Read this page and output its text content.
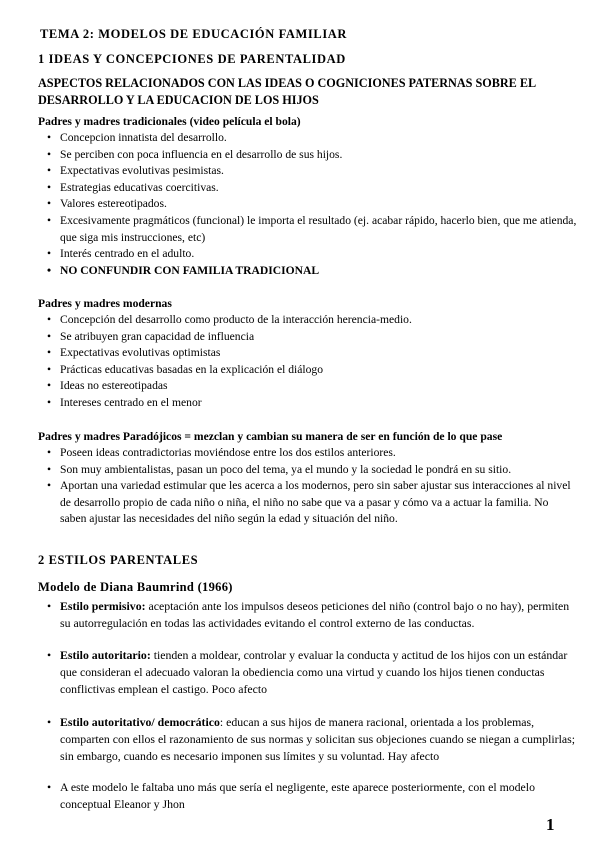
TEMA 2: MODELOS DE EDUCACIÓN FAMILIAR
1 IDEAS Y CONCEPCIONES DE PARENTALIDAD
ASPECTOS RELACIONADOS CON LAS IDEAS O COGNICIONES PATERNAS SOBRE EL
DESARROLLO Y LA EDUCACION DE LOS HIJOS
Padres y madres tradicionales (video película el bola)
• Concepcion innatista del desarrollo.
• Se perciben con poca influencia en el desarrollo de sus hijos.
• Expectativas evolutivas pesimistas.
• Estrategias educativas coercitivas.
• Valores estereotipados.
• Excesivamente pragmáticos (funcional) le importa el resultado (ej. acabar rápido, hacerlo bien, que me atienda, que siga mis instrucciones, etc)
• Interés centrado en el adulto.
• NO CONFUNDIR CON FAMILIA TRADICIONAL
Padres y madres modernas
• Concepción del desarrollo como producto de la interacción herencia-medio.
• Se atribuyen gran capacidad de influencia
• Expectativas evolutivas optimistas
• Prácticas educativas basadas en la explicación el diálogo
• Ideas no estereotipadas
• Intereses centrado en el menor
Padres y madres Paradójicos = mezclan y cambian su manera de ser en función de lo que pase
• Poseen ideas contradictorias moviéndose entre los dos estilos anteriores.
• Son muy ambientalistas, pasan un poco del tema, ya el mundo y la sociedad le pondrá en su sitio.
• Aportan una variedad estimular que les acerca a los modernos, pero sin saber ajustar sus interacciones al nivel de desarrollo propio de cada niño o niña, el niño no sabe que va a pasar y cómo va a actuar la familia. No saben ajustar las necesidades del niño según la edad y situación del niño.
2 ESTILOS PARENTALES
Modelo de Diana Baumrind (1966)
• Estilo permisivo: aceptación ante los impulsos deseos peticiones del niño (control bajo o no hay), permiten su autorregulación en todas las actividades evitando el control externo de las conductas.
• Estilo autoritario: tienden a moldear, controlar y evaluar la conducta y actitud de los hijos con un estándar que consideran el adecuado valoran la obediencia como una virtud y cuando los hijos tienen conductas conflictivas emplean el castigo. Poco afecto
• Estilo autoritativo/ democrático: educan a sus hijos de manera racional, orientada a los problemas, comparten con ellos el razonamiento de sus normas y solicitan sus objeciones cuando se niegan a cumplirlas; sin embargo, cuando es necesario imponen sus límites y su voluntad. Hay afecto
• A este modelo le faltaba uno más que sería el negligente, este aparece posteriormente, con el modelo conceptual Eleanor y Jhon
1
